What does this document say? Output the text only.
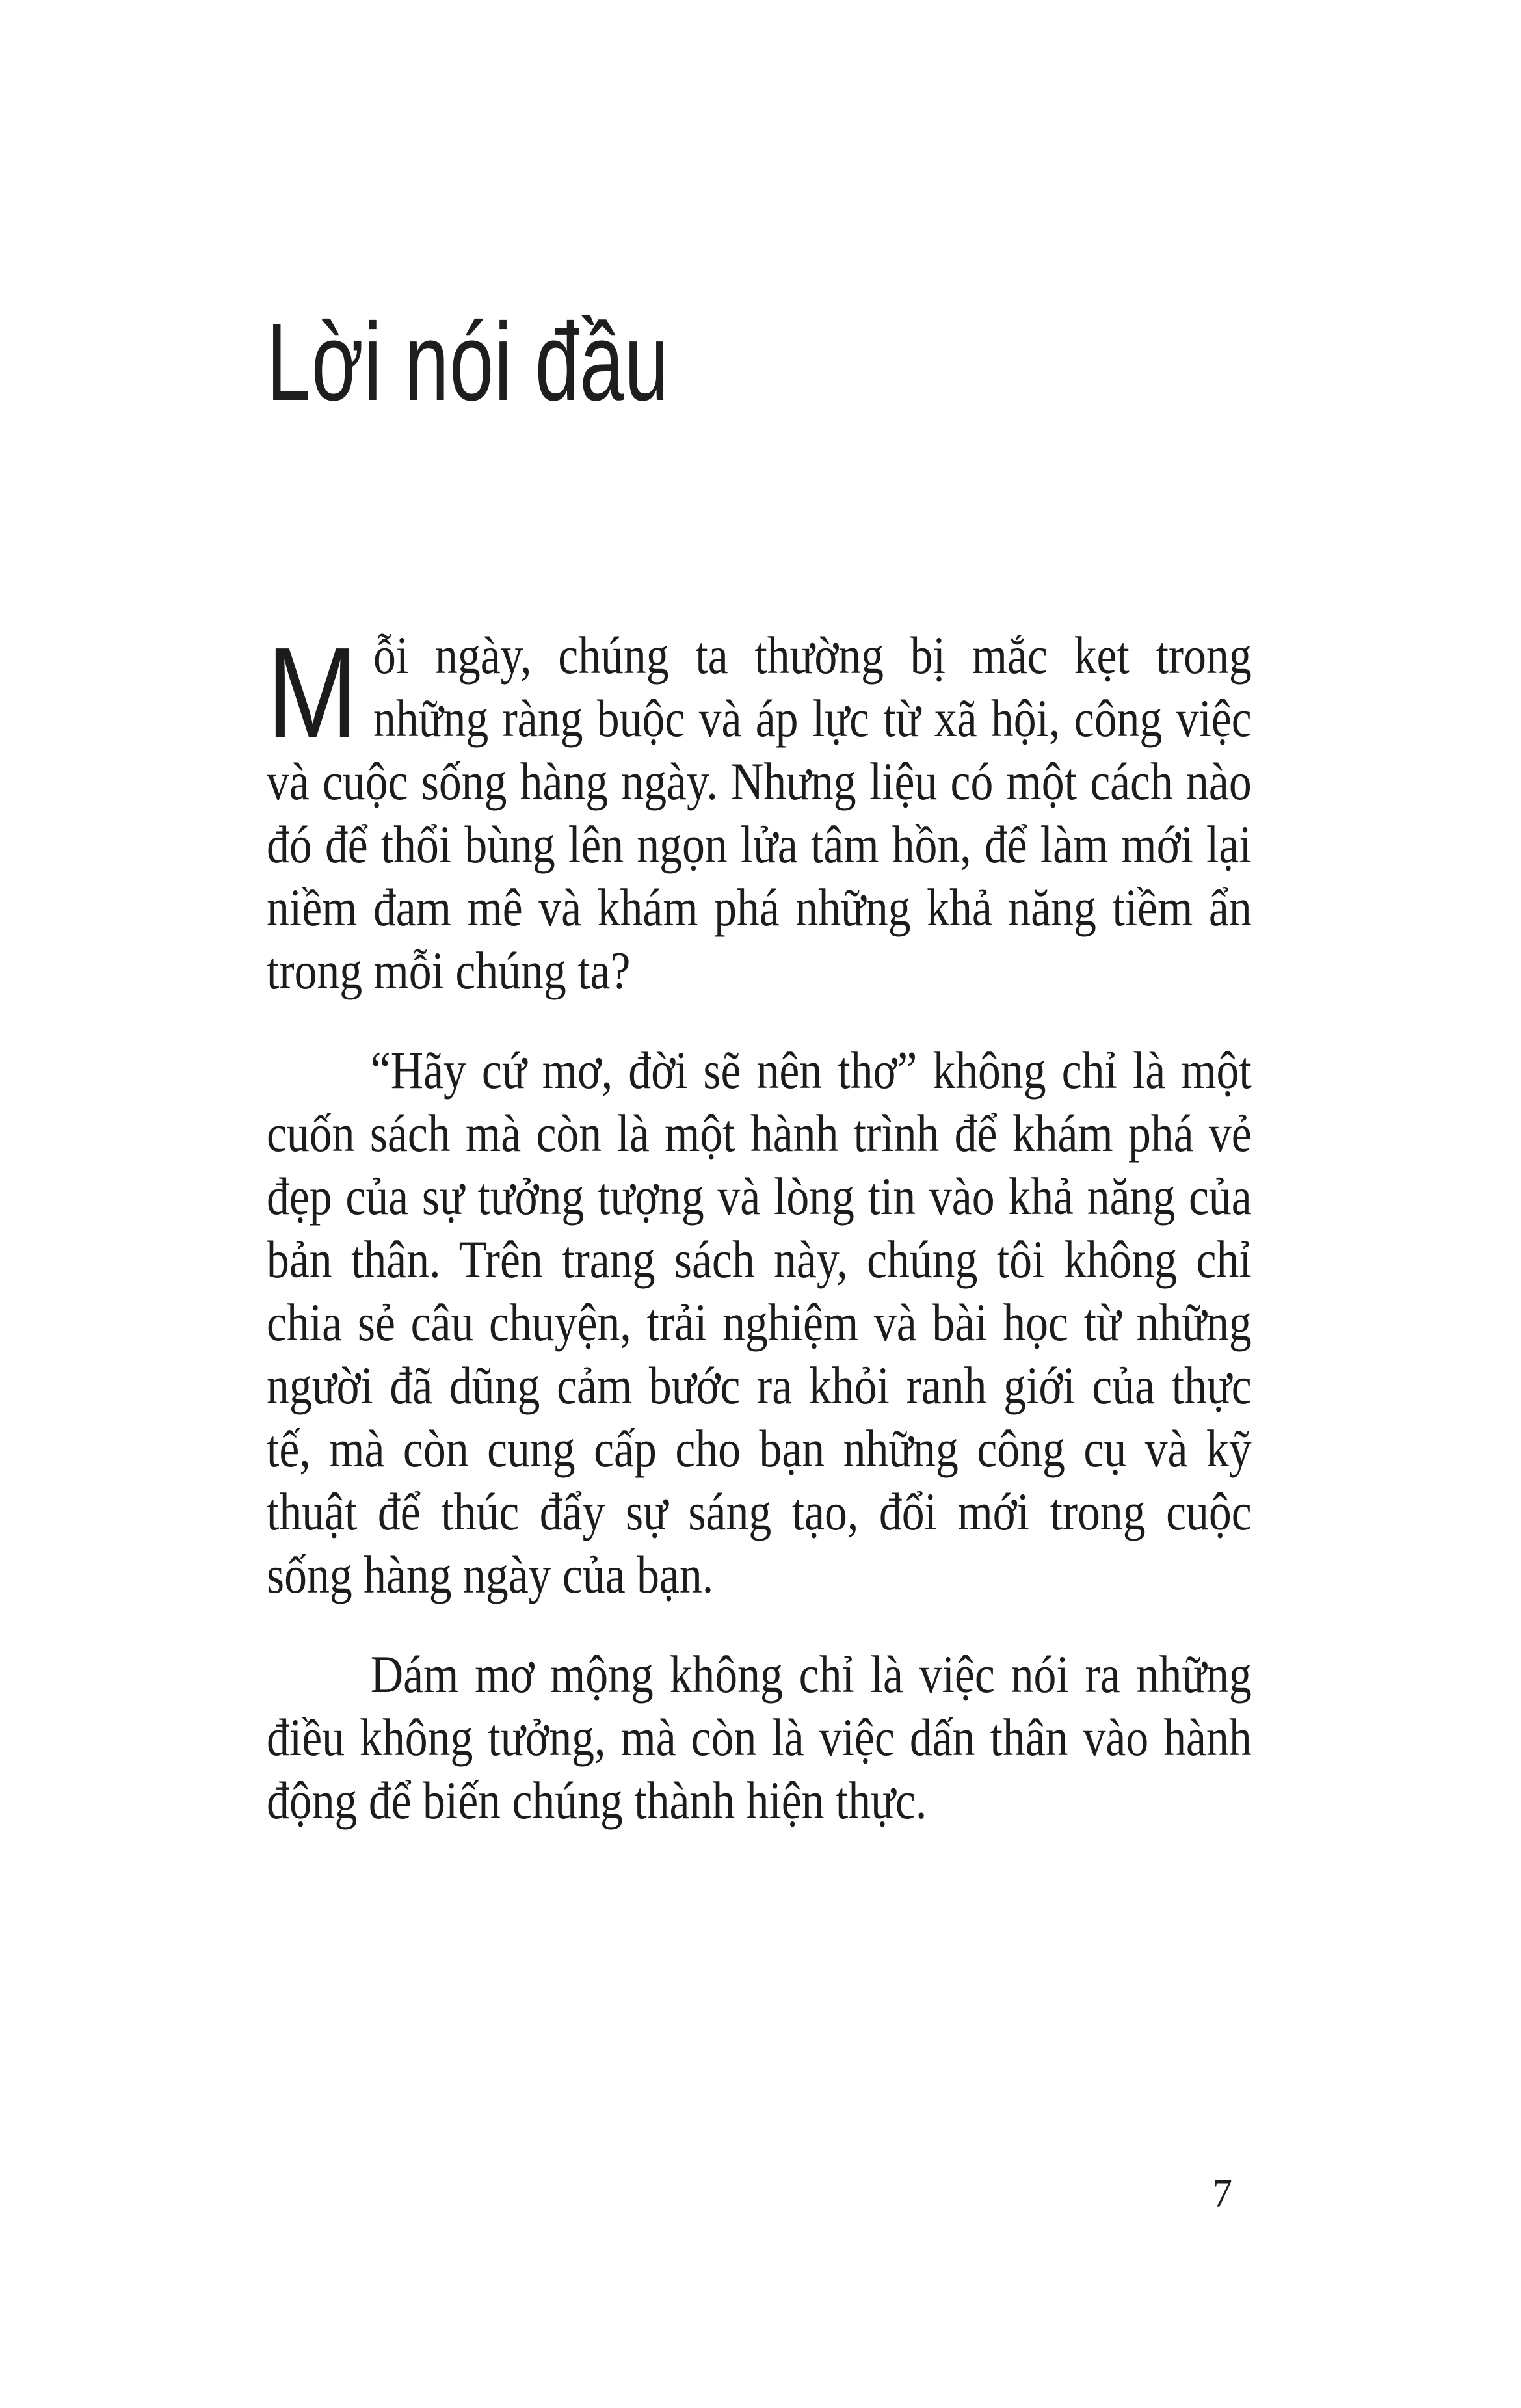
Lời nói đầu

M ỗi ngày, chúng ta thường bị mắc kẹt trong những ràng buộc và áp lực từ xã hội, công việc và cuộc sống hàng ngày. Nhưng liệu có một cách nào đó để thổi bùng lên ngọn lửa tâm hồn, để làm mới lại niềm đam mê và khám phá những khả năng tiềm ẩn trong mỗi chúng ta?

“Hãy cứ mơ, đời sẽ nên thơ” không chỉ là một cuốn sách mà còn là một hành trình để khám phá vẻ đẹp của sự tưởng tượng và lòng tin vào khả năng của bản thân. Trên trang sách này, chúng tôi không chỉ chia sẻ câu chuyện, trải nghiệm và bài học từ những người đã dũng cảm bước ra khỏi ranh giới của thực tế, mà còn cung cấp cho bạn những công cụ và kỹ thuật để thúc đẩy sự sáng tạo, đổi mới trong cuộc sống hàng ngày của bạn.

Dám mơ mộng không chỉ là việc nói ra những điều không tưởng, mà còn là việc dấn thân vào hành động để biến chúng thành hiện thực.

7
